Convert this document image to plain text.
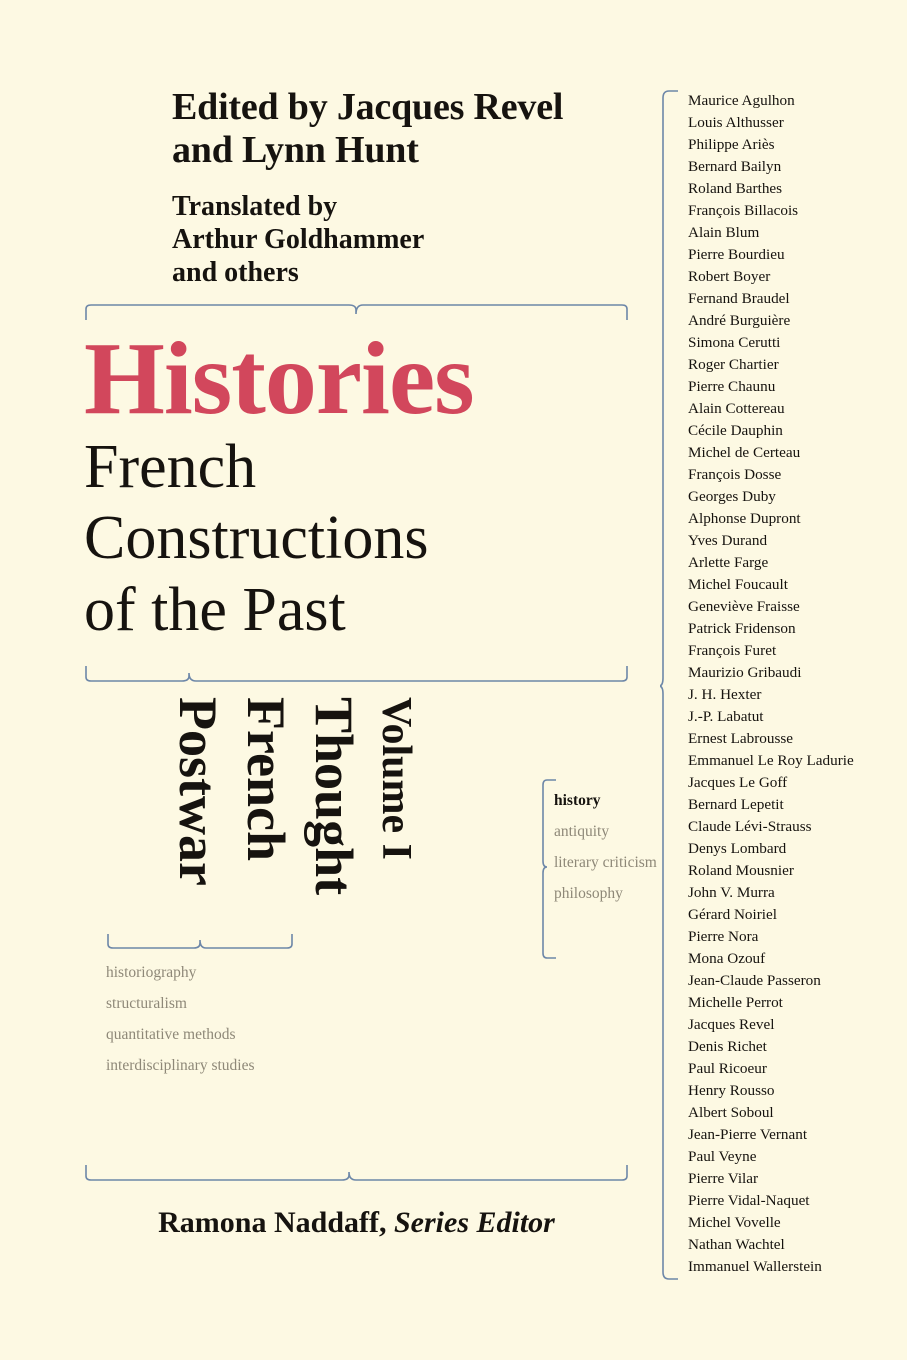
Edited by Jacques Revel
and Lynn Hunt
Translated by
Arthur Goldhammer
and others
Histories
French
Constructions
of the Past
Volume I
Thought
French
Postwar	history
antiquity
literary criticism
philosophy
historiography
structuralism
quantitative methods
interdisciplinary studies
Ramona Naddaff, Series Editor
Maurice Agulhon
Louis Althusser
Philippe Ariès
Bernard Bailyn
Roland Barthes
François Billacois
Alain Blum
Pierre Bourdieu
Robert Boyer
Fernand Braudel
André Burguière
Simona Cerutti
Roger Chartier
Pierre Chaunu
Alain Cottereau
Cécile Dauphin
Michel de Certeau
François Dosse
Georges Duby
Alphonse Dupront
Yves Durand
Arlette Farge
Michel Foucault
Geneviève Fraisse
Patrick Fridenson
François Furet
Maurizio Gribaudi
J. H. Hexter
J.-P. Labatut
Ernest Labrousse
Emmanuel Le Roy Ladurie
Jacques Le Goff
Bernard Lepetit
Claude Lévi-Strauss
Denys Lombard
Roland Mousnier
John V. Murra
Gérard Noiriel
Pierre Nora
Mona Ozouf
Jean-Claude Passeron
Michelle Perrot
Jacques Revel
Denis Richet
Paul Ricoeur
Henry Rousso
Albert Soboul
Jean-Pierre Vernant
Paul Veyne
Pierre Vilar
Pierre Vidal-Naquet
Michel Vovelle
Nathan Wachtel
Immanuel Wallerstein
